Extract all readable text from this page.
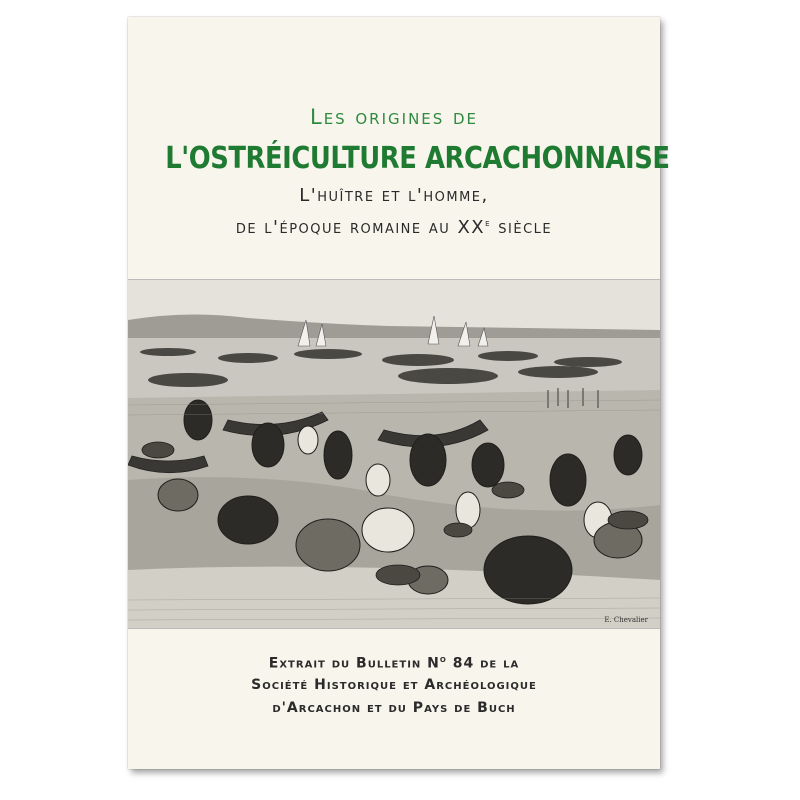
Les origines de
L'OSTRÉICULTURE ARCACHONNAISE
L'huître et l'homme,
de l'époque romaine au XXe siècle
E. Chevalier
Extrait du Bulletin $N^o$ 84 de la
Société Historique et Archéologique
d'Arcachon et du Pays de Buch
